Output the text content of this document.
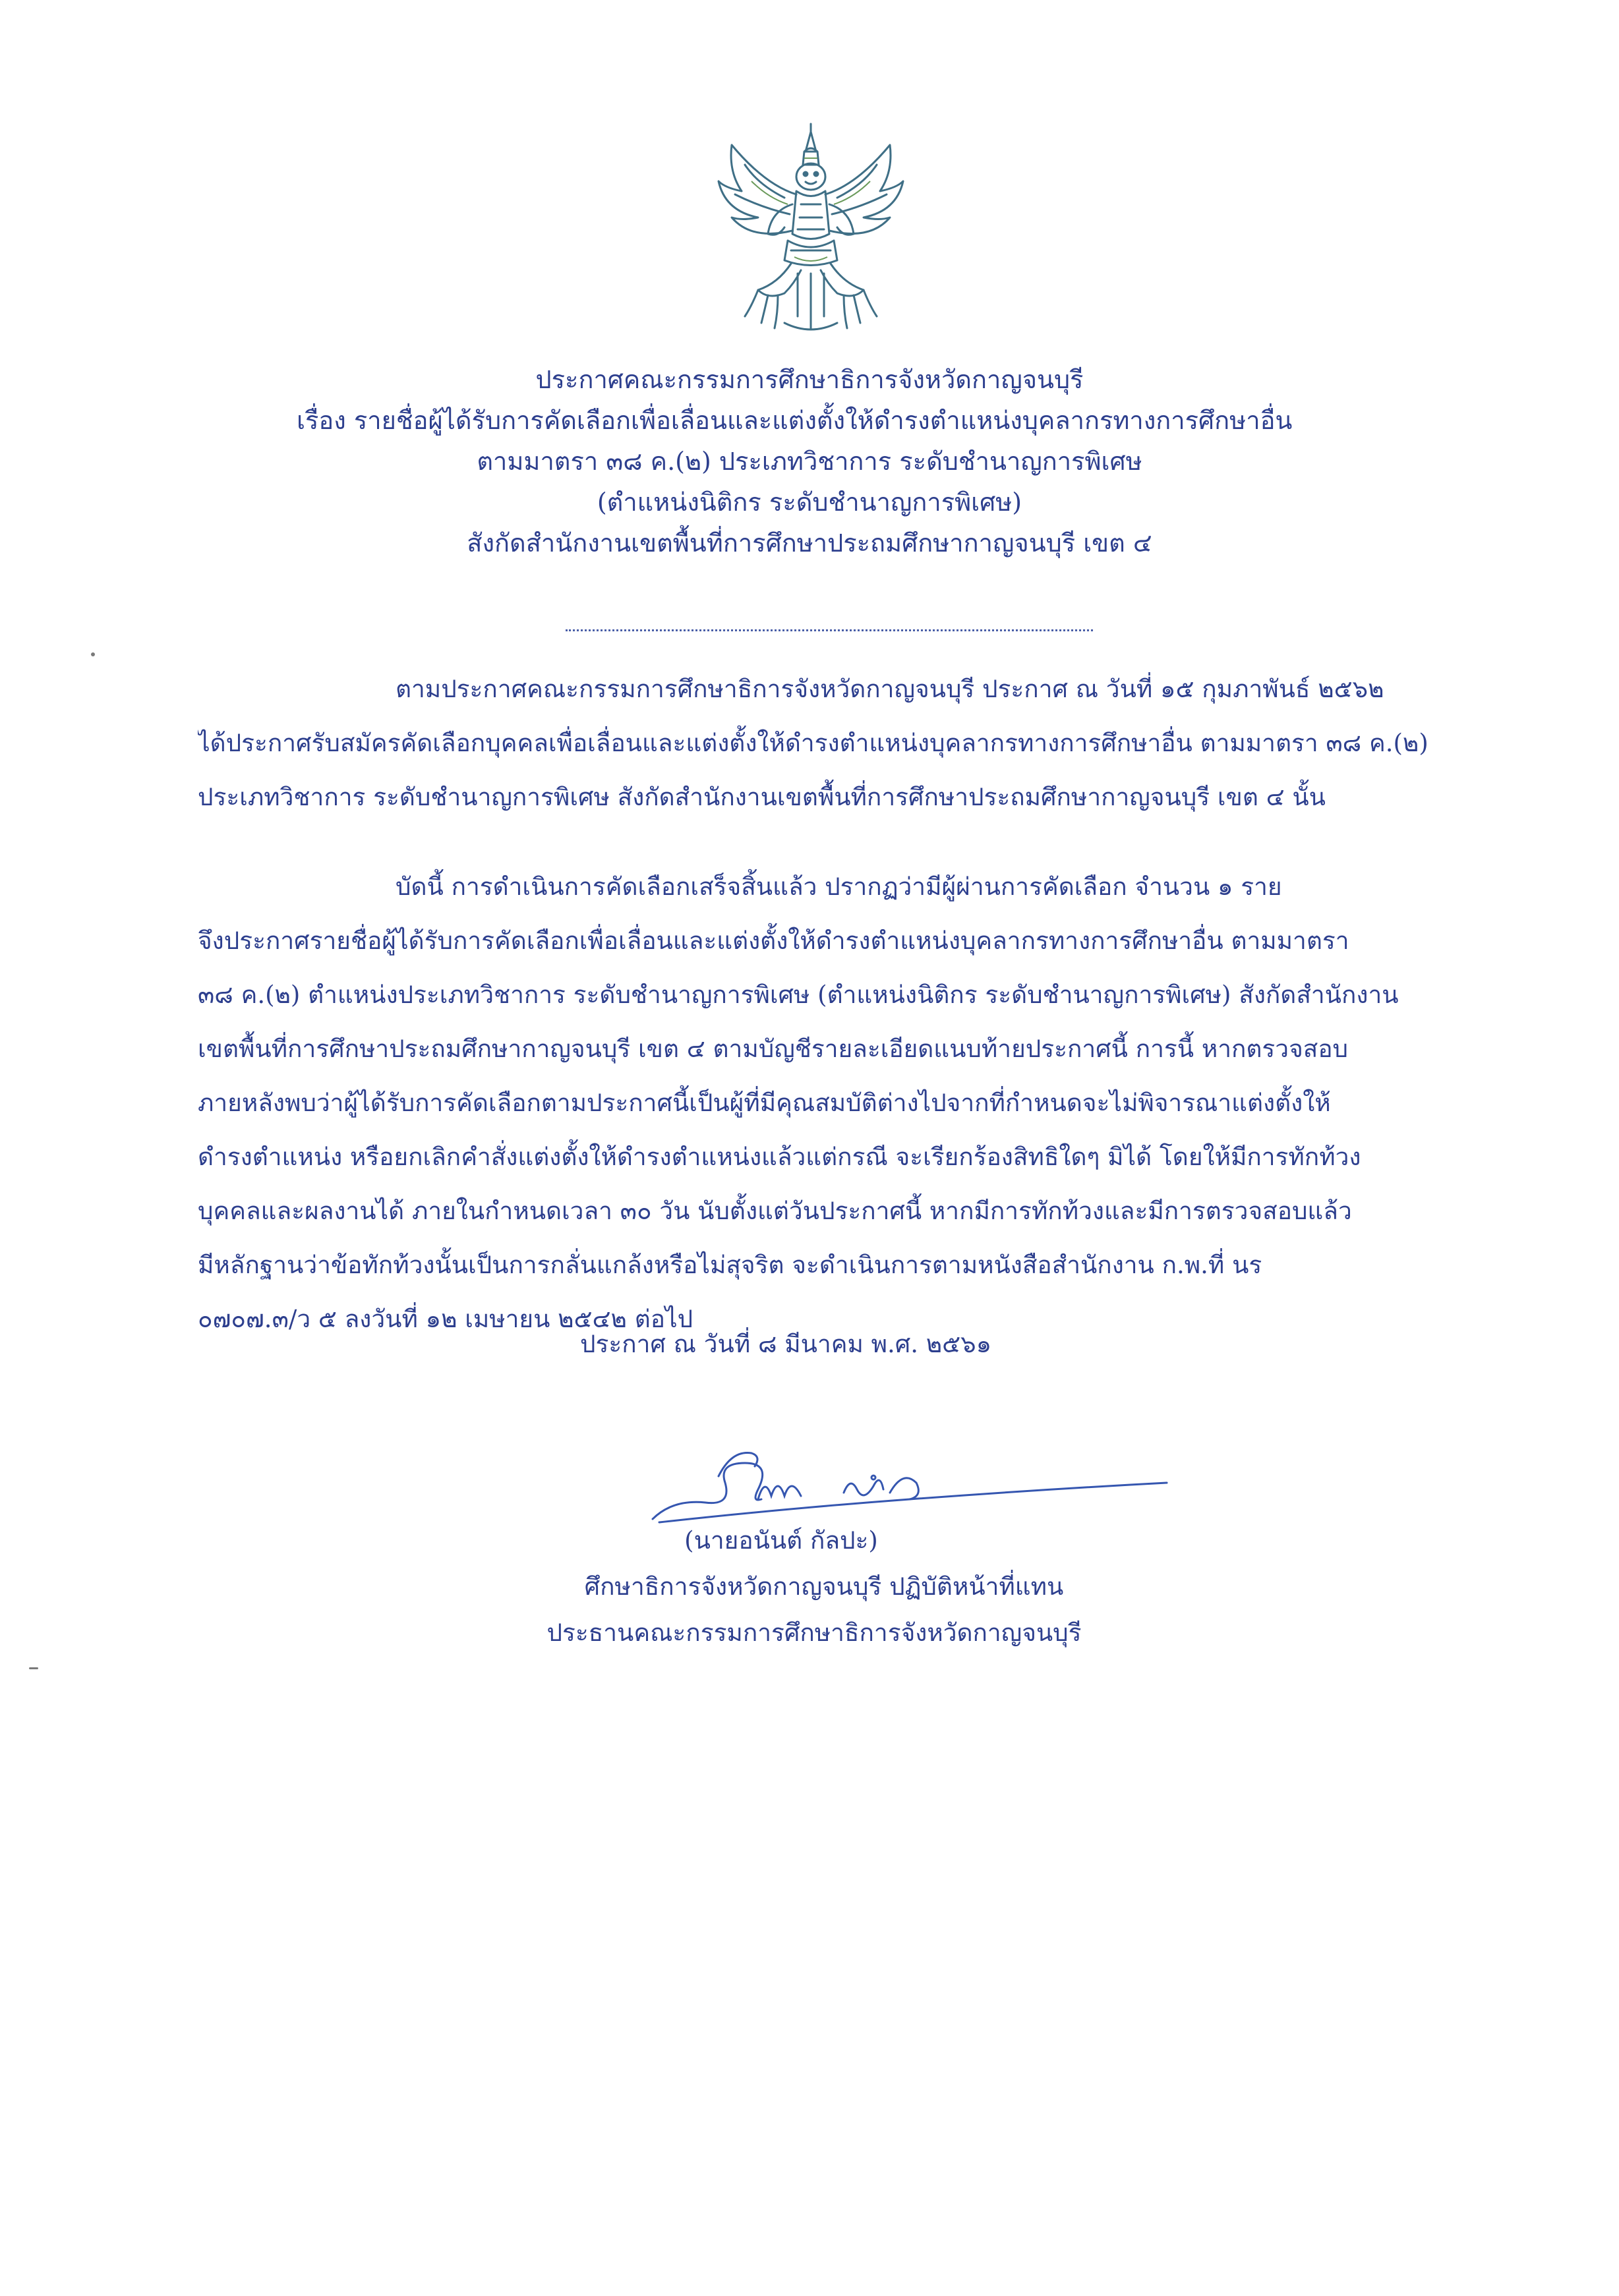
ประกาศคณะกรรมการศึกษาธิการจังหวัดกาญจนบุรี
เรื่อง รายชื่อผู้ได้รับการคัดเลือกเพื่อเลื่อนและแต่งตั้งให้ดำรงตำแหน่งบุคลากรทางการศึกษาอื่น
ตามมาตรา ๓๘ ค.(๒) ประเภทวิชาการ ระดับชำนาญการพิเศษ
(ตำแหน่งนิติกร ระดับชำนาญการพิเศษ)
สังกัดสำนักงานเขตพื้นที่การศึกษาประถมศึกษากาญจนบุรี เขต ๔
ตามประกาศคณะกรรมการศึกษาธิการจังหวัดกาญจนบุรี ประกาศ ณ วันที่ ๑๕ กุมภาพันธ์ ๒๕๖๒
ได้ประกาศรับสมัครคัดเลือกบุคคลเพื่อเลื่อนและแต่งตั้งให้ดำรงตำแหน่งบุคลากรทางการศึกษาอื่น ตามมาตรา ๓๘ ค.(๒)
ประเภทวิชาการ ระดับชำนาญการพิเศษ สังกัดสำนักงานเขตพื้นที่การศึกษาประถมศึกษากาญจนบุรี เขต ๔ นั้น
บัดนี้ การดำเนินการคัดเลือกเสร็จสิ้นแล้ว ปรากฏว่ามีผู้ผ่านการคัดเลือก จำนวน ๑ ราย
จึงประกาศรายชื่อผู้ได้รับการคัดเลือกเพื่อเลื่อนและแต่งตั้งให้ดำรงตำแหน่งบุคลากรทางการศึกษาอื่น ตามมาตรา
๓๘ ค.(๒) ตำแหน่งประเภทวิชาการ ระดับชำนาญการพิเศษ (ตำแหน่งนิติกร ระดับชำนาญการพิเศษ) สังกัดสำนักงาน
เขตพื้นที่การศึกษาประถมศึกษากาญจนบุรี เขต ๔ ตามบัญชีรายละเอียดแนบท้ายประกาศนี้ การนี้ หากตรวจสอบ
ภายหลังพบว่าผู้ได้รับการคัดเลือกตามประกาศนี้เป็นผู้ที่มีคุณสมบัติต่างไปจากที่กำหนดจะไม่พิจารณาแต่งตั้งให้
ดำรงตำแหน่ง หรือยกเลิกคำสั่งแต่งตั้งให้ดำรงตำแหน่งแล้วแต่กรณี จะเรียกร้องสิทธิใดๆ มิได้ โดยให้มีการทักท้วง
บุคคลและผลงานได้ ภายในกำหนดเวลา ๓๐ วัน นับตั้งแต่วันประกาศนี้ หากมีการทักท้วงและมีการตรวจสอบแล้ว
มีหลักฐานว่าข้อทักท้วงนั้นเป็นการกลั่นแกล้งหรือไม่สุจริต จะดำเนินการตามหนังสือสำนักงาน ก.พ.ที่ นร
๐๗๐๗.๓/ว ๕ ลงวันที่ ๑๒ เมษายน ๒๕๔๒ ต่อไป
ประกาศ ณ วันที่ ๘ มีนาคม พ.ศ. ๒๕๖๑
(นายอนันต์ กัลปะ)
ศึกษาธิการจังหวัดกาญจนบุรี ปฏิบัติหน้าที่แทน
ประธานคณะกรรมการศึกษาธิการจังหวัดกาญจนบุรี
